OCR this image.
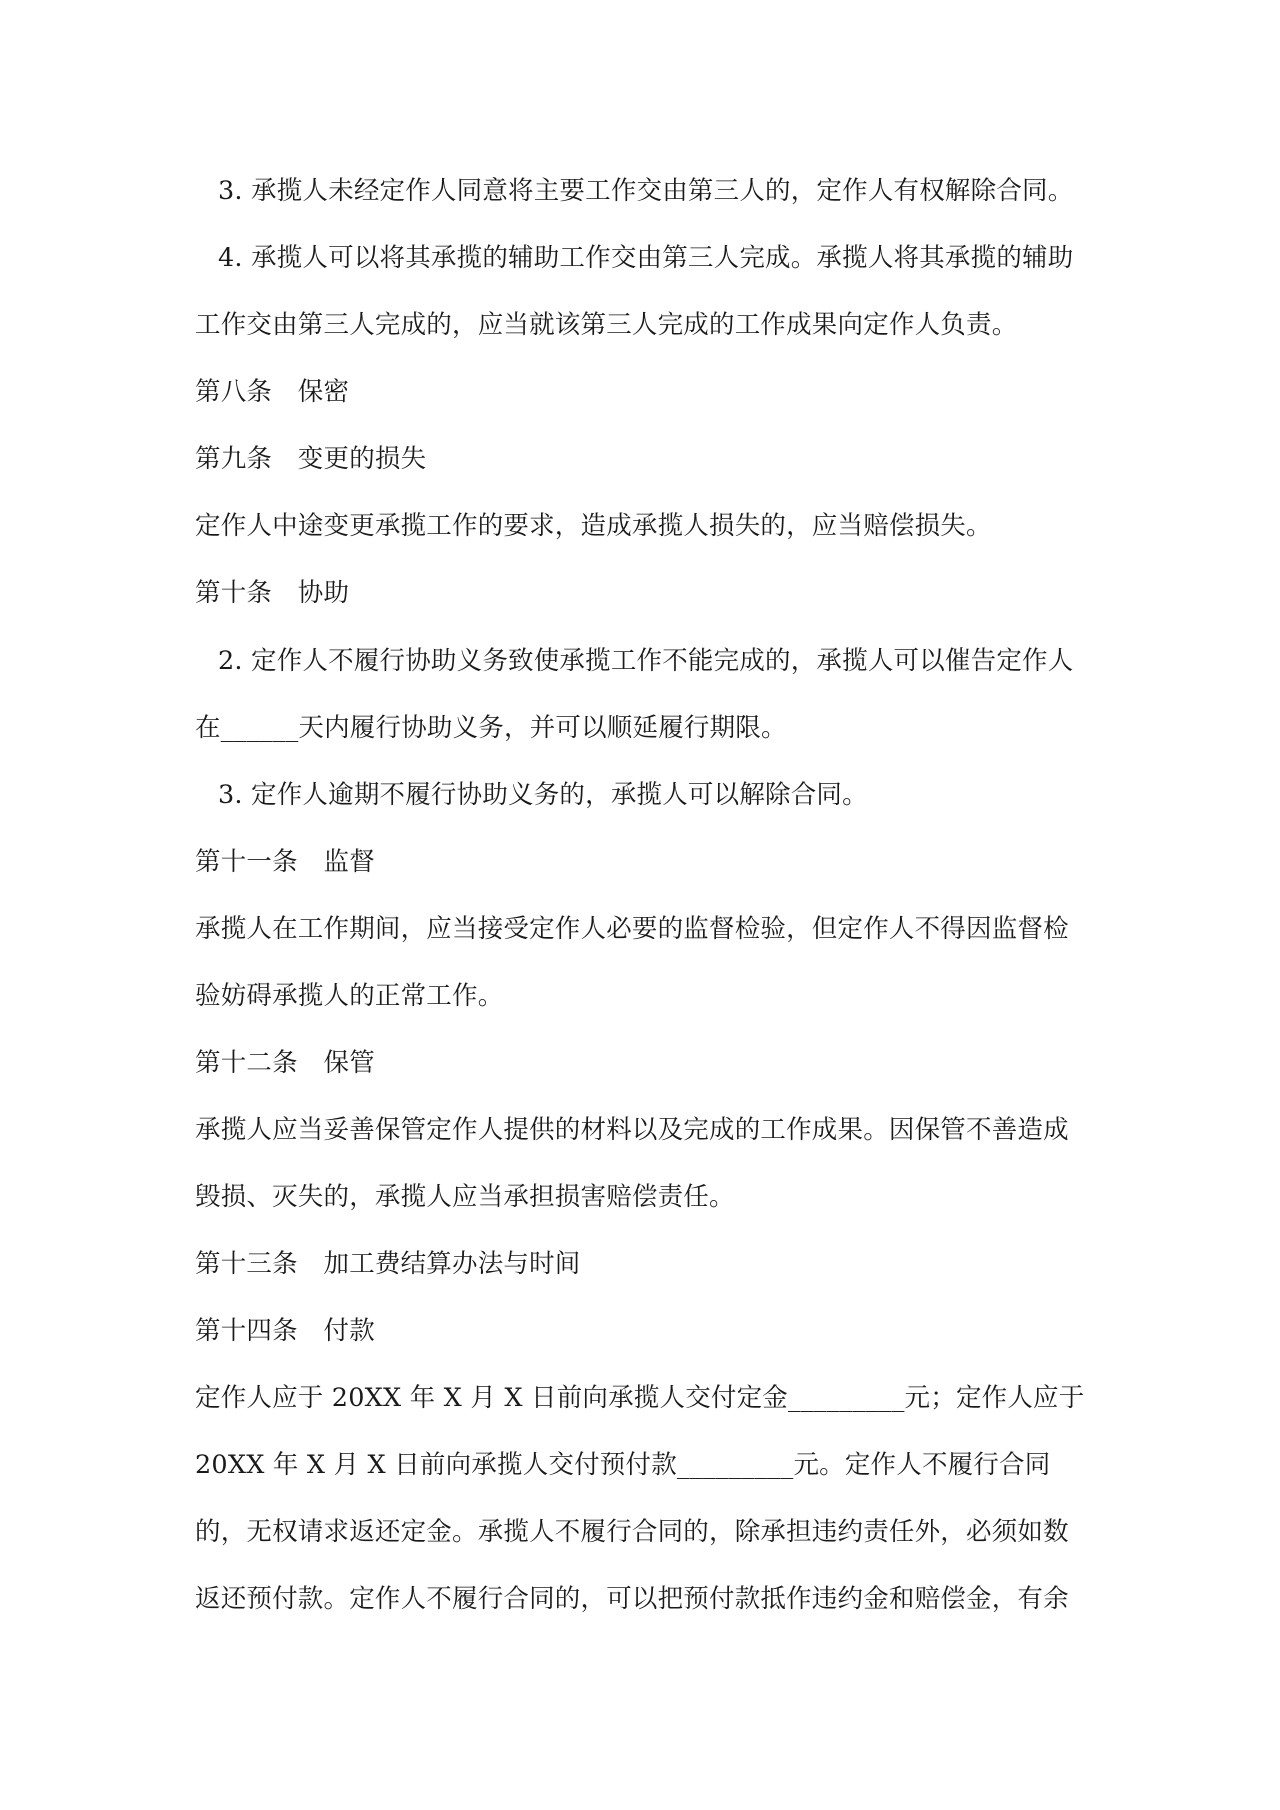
3. 承揽人未经定作人同意将主要工作交由第三人的，定作人有权解除合同。
4. 承揽人可以将其承揽的辅助工作交由第三人完成。承揽人将其承揽的辅助
工作交由第三人完成的，应当就该第三人完成的工作成果向定作人负责。
第八条　保密
第九条　变更的损失
定作人中途变更承揽工作的要求，造成承揽人损失的，应当赔偿损失。
第十条　协助
2. 定作人不履行协助义务致使承揽工作不能完成的，承揽人可以催告定作人
在______天内履行协助义务，并可以顺延履行期限。
3. 定作人逾期不履行协助义务的，承揽人可以解除合同。
第十一条　监督
承揽人在工作期间，应当接受定作人必要的监督检验，但定作人不得因监督检
验妨碍承揽人的正常工作。
第十二条　保管
承揽人应当妥善保管定作人提供的材料以及完成的工作成果。因保管不善造成
毁损、灭失的，承揽人应当承担损害赔偿责任。
第十三条　加工费结算办法与时间
第十四条　付款
定作人应于 20XX 年 X 月 X 日前向承揽人交付定金_________元；定作人应于
20XX 年 X 月 X 日前向承揽人交付预付款_________元。定作人不履行合同
的，无权请求返还定金。承揽人不履行合同的，除承担违约责任外，必须如数
返还预付款。定作人不履行合同的，可以把预付款抵作违约金和赔偿金，有余
